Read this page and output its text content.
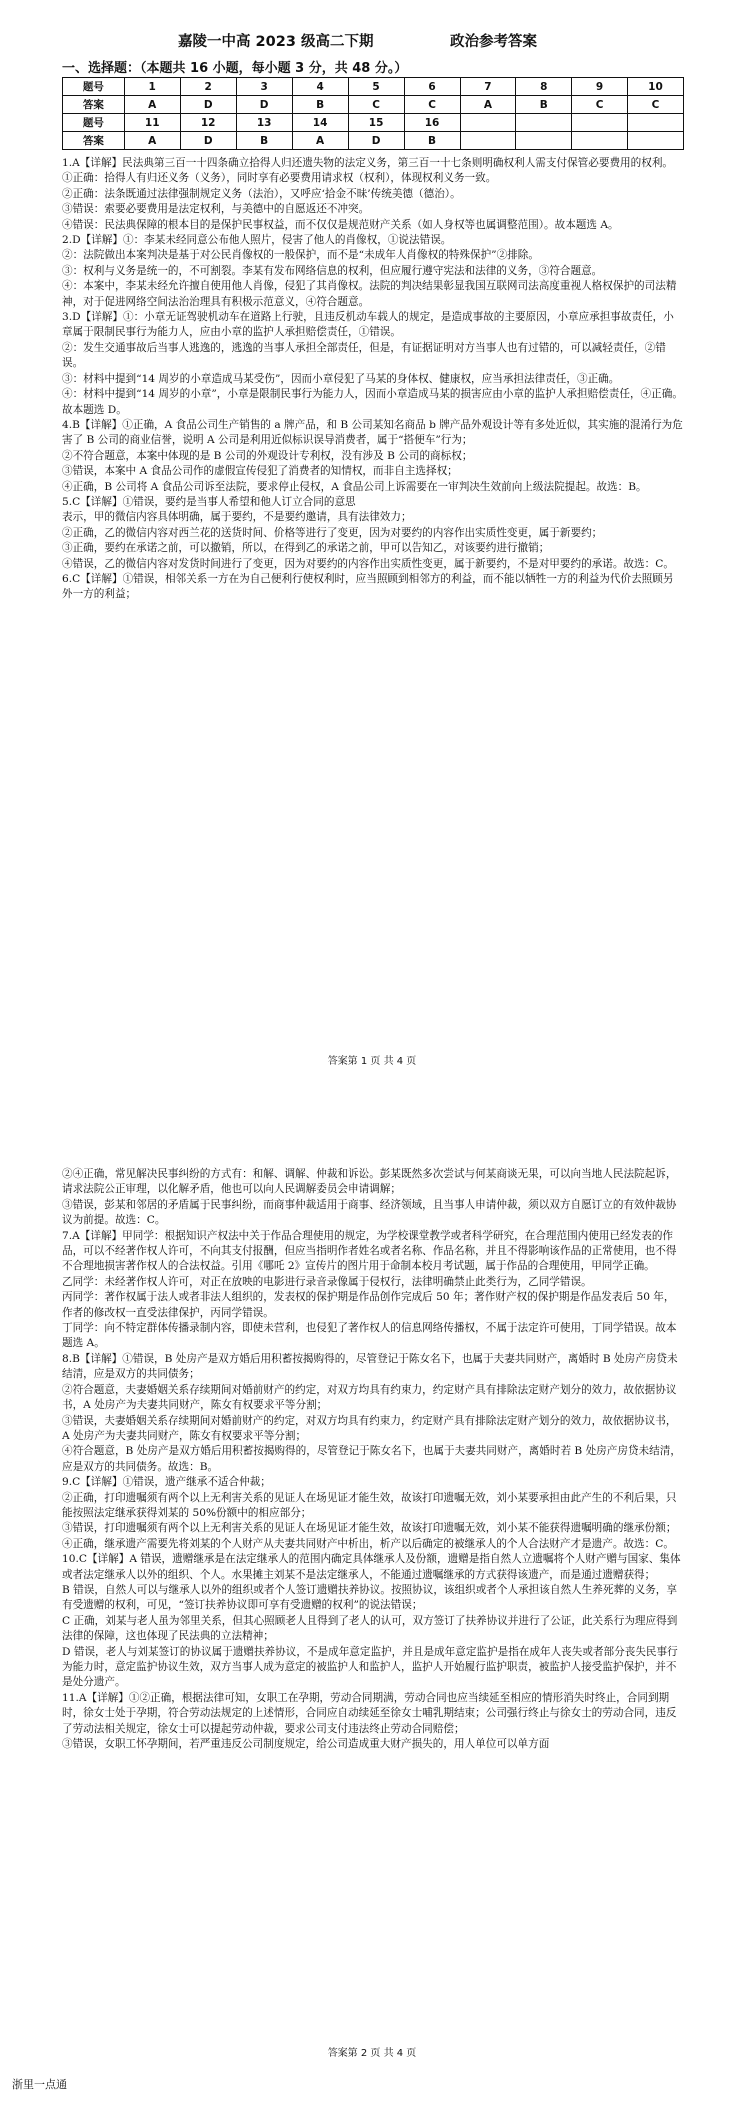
嘉陵一中高 2023 级高二下期	政治参考答案
一、选择题：（本题共 16 小题，每小题 3 分，共 48 分。）
题号	1	2	3	4	5	6	7	8	9	10
答案	A	D	D	B	C	C	A	B	C	C
题号	11	12	13	14	15	16				
答案	A	D	B	A	D	B				

1.A【详解】民法典第三百一十四条确立拾得人归还遗失物的法定义务，第三百一十七条则明确权利人需支付保管必要费用的权利。

①正确：拾得人有归还义务（义务），同时享有必要费用请求权（权利），体现权利义务一致。

②正确：法条既通过法律强制规定义务（法治），又呼应‘拾金不昧’传统美德（德治）。

③错误：索要必要费用是法定权利，与美德中的自愿返还不冲突。

④错误：民法典保障的根本目的是保护民事权益，而不仅仅是规范财产关系（如人身权等也属调整范围）。故本题选 A。

2.D【详解】①：李某未经同意公布他人照片，侵害了他人的肖像权，①说法错误。

②：法院做出本案判决是基于对公民肖像权的一般保护，而不是“未成年人肖像权的特殊保护”②排除。

③：权利与义务是统一的，不可割裂。李某有发布网络信息的权利，但应履行遵守宪法和法律的义务，③符合题意。

④：本案中，李某未经允许擅自使用他人肖像，侵犯了其肖像权。法院的判决结果彰显我国互联网司法高度重视人格权保护的司法精神，对于促进网络空间法治治理具有积极示范意义，④符合题意。

3.D【详解】①：小章无证驾驶机动车在道路上行驶，且违反机动车载人的规定，是造成事故的主要原因，小章应承担事故责任，小章属于限制民事行为能力人，应由小章的监护人承担赔偿责任，①错误。

②：发生交通事故后当事人逃逸的，逃逸的当事人承担全部责任，但是，有证据证明对方当事人也有过错的，可以减轻责任，②错误。

③：材料中提到“14 周岁的小章造成马某受伤”，因而小章侵犯了马某的身体权、健康权，应当承担法律责任，③正确。

④：材料中提到“14 周岁的小章”，小章是限制民事行为能力人，因而小章造成马某的损害应由小章的监护人承担赔偿责任，④正确。故本题选 D。

4.B【详解】①正确，A 食品公司生产销售的 a 牌产品，和 B 公司某知名商品 b 牌产品外观设计等有多处近似，其实施的混淆行为危害了 B 公司的商业信誉，说明 A 公司是利用近似标识误导消费者，属于“搭便车”行为；

②不符合题意，本案中体现的是 B 公司的外观设计专利权，没有涉及 B 公司的商标权；

③错误，本案中 A 食品公司作的虚假宣传侵犯了消费者的知情权，而非自主选择权；

④正确，B 公司将 A 食品公司诉至法院，要求停止侵权，A 食品公司上诉需要在一审判决生效前向上级法院提起。故选：B。

5.C【详解】①错误，要约是当事人希望和他人订立合同的意思

表示，甲的微信内容具体明确，属于要约，不是要约邀请，具有法律效力；

②正确，乙的微信内容对西兰花的送货时间、价格等进行了变更，因为对要约的内容作出实质性变更，属于新要约；

③正确，要约在承诺之前，可以撤销，所以，在得到乙的承诺之前，甲可以告知乙，对该要约进行撤销；

④错误，乙的微信内容对发货时间进行了变更，因为对要约的内容作出实质性变更，属于新要约，不是对甲要约的承诺。故选：C。

6.C【详解】①错误，相邻关系一方在为自己便利行使权利时，应当照顾到相邻方的利益，而不能以牺牲一方的利益为代价去照顾另外一方的利益；

答案第 1 页 共 4 页

②④正确，常见解决民事纠纷的方式有：和解、调解、仲裁和诉讼。彭某既然多次尝试与何某商谈无果，可以向当地人民法院起诉，请求法院公正审理，以化解矛盾，他也可以向人民调解委员会申请调解；

③错误，彭某和邻居的矛盾属于民事纠纷，而商事仲裁适用于商事、经济领域，且当事人申请仲裁，须以双方自愿订立的有效仲裁协议为前提。故选：C。

7.A【详解】甲同学：根据知识产权法中关于作品合理使用的规定，为学校课堂教学或者科学研究，在合理范围内使用已经发表的作品，可以不经著作权人许可，不向其支付报酬，但应当指明作者姓名或者名称、作品名称，并且不得影响该作品的正常使用，也不得不合理地损害著作权人的合法权益。引用《哪吒 2》宣传片的图片用于命制本校月考试题，属于作品的合理使用，甲同学正确。

乙同学：未经著作权人许可，对正在放映的电影进行录音录像属于侵权行，法律明确禁止此类行为，乙同学错误。

丙同学：著作权属于法人或者非法人组织的，发表权的保护期是作品创作完成后 50 年；著作财产权的保护期是作品发表后 50 年，作者的修改权一直受法律保护，丙同学错误。

丁同学：向不特定群体传播录制内容，即使未营利，也侵犯了著作权人的信息网络传播权，不属于法定许可使用，丁同学错误。故本题选 A。

8.B【详解】①错误，B 处房产是双方婚后用积蓄按揭购得的，尽管登记于陈女名下，也属于夫妻共同财产，离婚时 B 处房产房贷未结清，应是双方的共同债务；

②符合题意，夫妻婚姻关系存续期间对婚前财产的约定，对双方均具有约束力，约定财产具有排除法定财产划分的效力，故依据协议书，A 处房产为夫妻共同财产，陈女有权要求平等分割；

③错误，夫妻婚姻关系存续期间对婚前财产的约定，对双方均具有约束力，约定财产具有排除法定财产划分的效力，故依据协议书，A 处房产为夫妻共同财产，陈女有权要求平等分割；

④符合题意，B 处房产是双方婚后用积蓄按揭购得的，尽管登记于陈女名下，也属于夫妻共同财产，离婚时若 B 处房产房贷未结清，应是双方的共同债务。故选：B。

9.C【详解】①错误，遗产继承不适合仲裁；

②正确，打印遗嘱须有两个以上无利害关系的见证人在场见证才能生效，故该打印遗嘱无效，刘小某要承担由此产生的不利后果，只能按照法定继承获得刘某的 50%份额中的相应部分；

③错误，打印遗嘱须有两个以上无利害关系的见证人在场见证才能生效，故该打印遗嘱无效，刘小某不能获得遗嘱明确的继承份额；

④正确，继承遗产需要先将刘某的个人财产从夫妻共同财产中析出，析产以后确定的被继承人的个人合法财产才是遗产。故选：C。

10.C【详解】A 错误，遗赠继承是在法定继承人的范围内确定具体继承人及份额，遗赠是指自然人立遗嘱将个人财产赠与国家、集体或者法定继承人以外的组织、个人。水果摊主刘某不是法定继承人，不能通过遗嘱继承的方式获得该遗产，而是通过遗赠获得；

B 错误，自然人可以与继承人以外的组织或者个人签订遗赠扶养协议。按照协议，该组织或者个人承担该自然人生养死葬的义务，享有受遗赠的权利，可见，“签订扶养协议即可享有受遗赠的权利”的说法错误；

C 正确，刘某与老人虽为邻里关系，但其心照顾老人且得到了老人的认可，双方签订了扶养协议并进行了公证，此关系行为理应得到法律的保障，这也体现了民法典的立法精神；

D 错误，老人与刘某签订的协议属于遗赠扶养协议，不是成年意定监护，并且是成年意定监护是指在成年人丧失或者部分丧失民事行为能力时，意定监护协议生效，双方当事人成为意定的被监护人和监护人，监护人开始履行监护职责，被监护人接受监护保护，并不是处分遗产。

11.A【详解】①②正确，根据法律可知，女职工在孕期，劳动合同期满，劳动合同也应当续延至相应的情形消失时终止，合同到期时，徐女士处于孕期，符合劳动法规定的上述情形，合同应自动续延至徐女士哺乳期结束；公司强行终止与徐女士的劳动合同，违反了劳动法相关规定，徐女士可以提起劳动仲裁，要求公司支付违法终止劳动合同赔偿；

③错误，女职工怀孕期间，若严重违反公司制度规定，给公司造成重大财产损失的，用人单位可以单方面

答案第 2 页 共 4 页
浙里一点通
